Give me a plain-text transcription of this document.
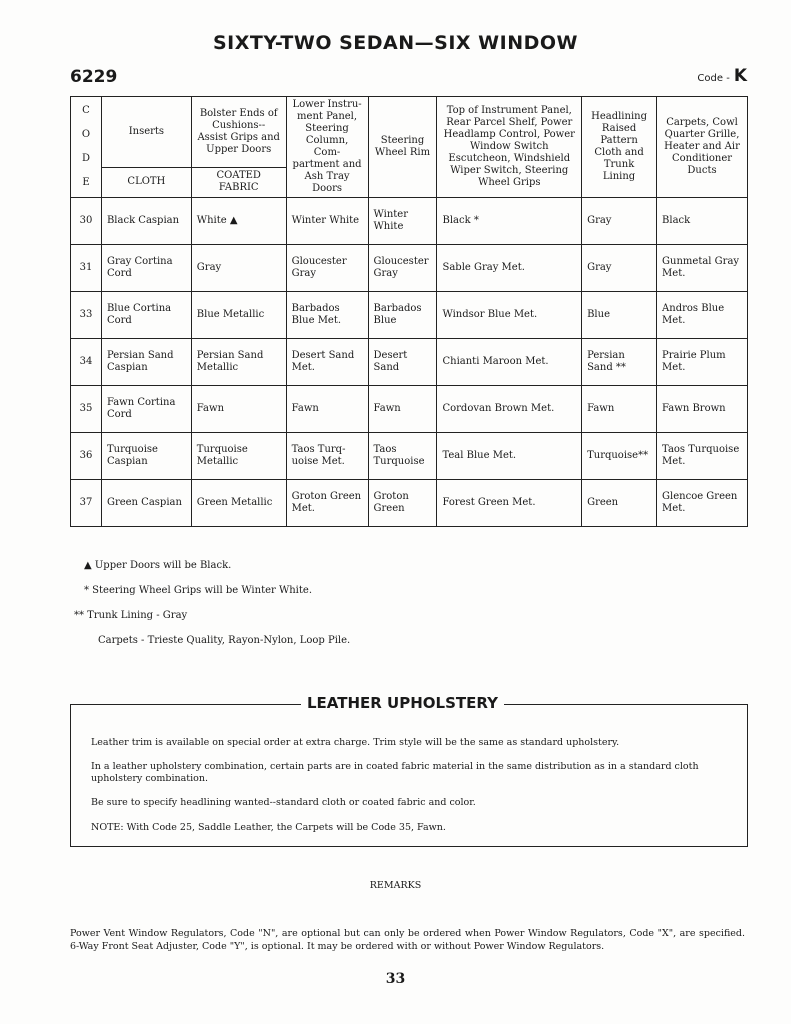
SIXTY-TWO SEDAN—SIX WINDOW
6229	Code - K
C

O

D

E	Inserts	Bolster Ends of Cushions-- Assist Grips and Upper Doors	Lower Instru- ment Panel, Steering Column, Com- partment and Ash Tray Doors	Steering Wheel Rim	Top of Instrument Panel, Rear Parcel Shelf, Power Headlamp Control, Power Window Switch Escutcheon, Windshield Wiper Switch, Steering Wheel Grips	Headlining Raised Pattern Cloth and Trunk Lining	Carpets, Cowl Quarter Grille, Heater and Air Conditioner Ducts
	CLOTH	COATED FABRIC					
30	Black Caspian	White ▲	Winter White	Winter White	Black *	Gray	Black
31	Gray Cortina Cord	Gray	Gloucester Gray	Gloucester Gray	Sable Gray Met.	Gray	Gunmetal Gray Met.
33	Blue Cortina Cord	Blue Metallic	Barbados Blue Met.	Barbados Blue	Windsor Blue Met.	Blue	Andros Blue Met.
34	Persian Sand Caspian	Persian Sand Metallic	Desert Sand Met.	Desert Sand	Chianti Maroon Met.	Persian Sand **	Prairie Plum Met.
35	Fawn Cortina Cord	Fawn	Fawn	Fawn	Cordovan Brown Met.	Fawn	Fawn Brown
36	Turquoise Caspian	Turquoise Metallic	Taos Turq- uoise Met.	Taos Turquoise	Teal Blue Met.	Turquoise**	Taos Turquoise Met.
37	Green Caspian	Green Metallic	Groton Green Met.	Groton Green	Forest Green Met.	Green	Glencoe Green Met.
▲ Upper Doors will be Black.
* Steering Wheel Grips will be Winter White.
** Trunk Lining - Gray
Carpets - Trieste Quality, Rayon-Nylon, Loop Pile.
LEATHER UPHOLSTERY

Leather trim is available on special order at extra charge. Trim style will be the same as standard upholstery.

In a leather upholstery combination, certain parts are in coated fabric material in the same distribution as in a standard cloth upholstery combination.

Be sure to specify headlining wanted--standard cloth or coated fabric and color.

NOTE: With Code 25, Saddle Leather, the Carpets will be Code 35, Fawn.

REMARKS
Power Vent Window Regulators, Code "N", are optional but can only be ordered when Power Window Regulators, Code "X", are specified. 6-Way Front Seat Adjuster, Code "Y", is optional. It may be ordered with or without Power Window Regulators.
33
